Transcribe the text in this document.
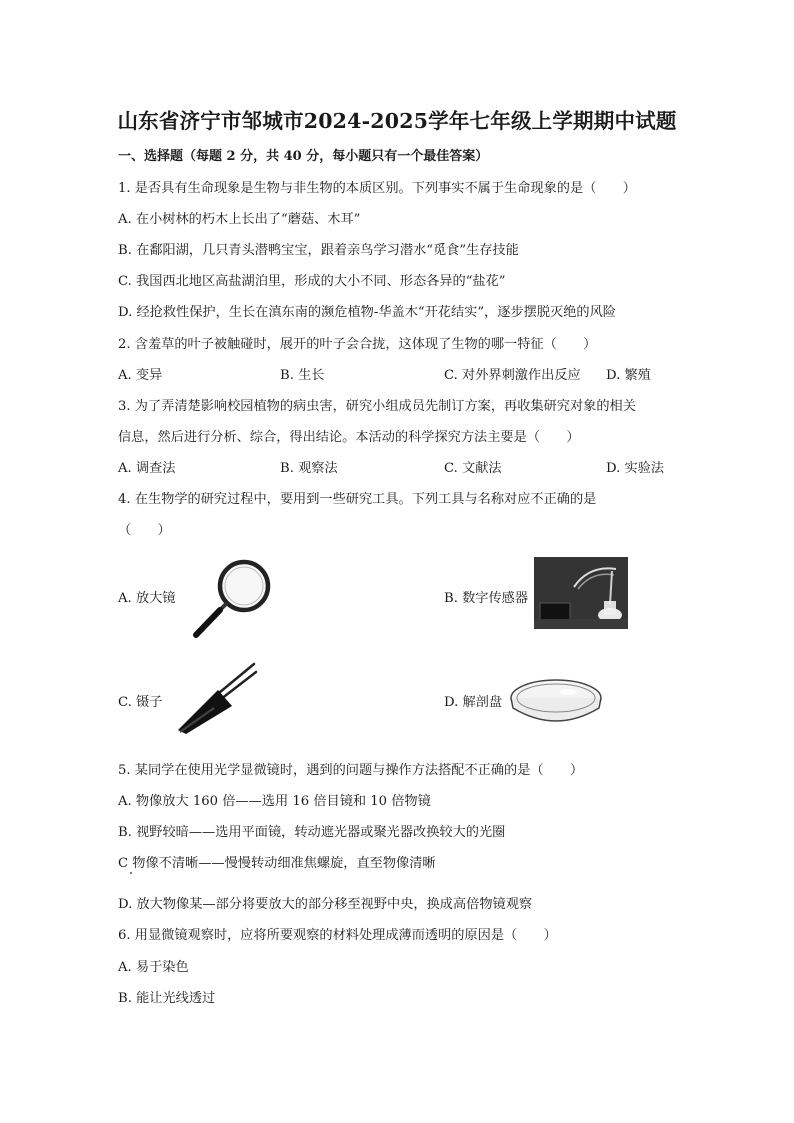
山东省济宁市邹城市2024-2025学年七年级上学期期中试题
一、选择题（每题 2 分，共 40 分，每小题只有一个最佳答案）
1. 是否具有生命现象是生物与非生物的本质区别。下列事实不属于生命现象的是（　　）
A. 在小树林的朽木上长出了“蘑菇、木耳”
B. 在鄱阳湖，几只青头潜鸭宝宝，跟着亲鸟学习潜水“觅食”生存技能
C. 我国西北地区高盐湖泊里，形成的大小不同、形态各异的“盐花”
D. 经抢救性保护，生长在滇东南的濒危植物-华盖木“开花结实”，逐步摆脱灭绝的风险
2. 含羞草的叶子被触碰时，展开的叶子会合拢，这体现了生物的哪一特征（　　）
A. 变异	B. 生长	C. 对外界刺激作出反应 D. 繁殖
3. 为了弄清楚影响校园植物的病虫害，研究小组成员先制订方案，再收集研究对象的相关
信息，然后进行分析、综合，得出结论。本活动的科学探究方法主要是（　　）
A. 调查法	B. 观察法	C. 文献法	D. 实验法
4. 在生物学的研究过程中，要用到一些研究工具。下列工具与名称对应不正确的是
（　　）
A. 放大镜	B. 数字传感器
C. 镊子	D. 解剖盘
5. 某同学在使用光学显微镜时，遇到的问题与操作方法搭配不正确的是（　　）
A. 物像放大 160 倍——选用 16 倍目镜和 10 倍物镜
B. 视野较暗——选用平面镜，转动遮光器或聚光器改换较大的光圈
C 物像不清晰——慢慢转动细准焦螺旋，直至物像清晰
D. 放大物像某—部分将要放大的部分移至视野中央，换成高倍物镜观察
6. 用显微镜观察时，应将所要观察的材料处理成薄而透明的原因是（　　）
A. 易于染色
B. 能让光线透过
